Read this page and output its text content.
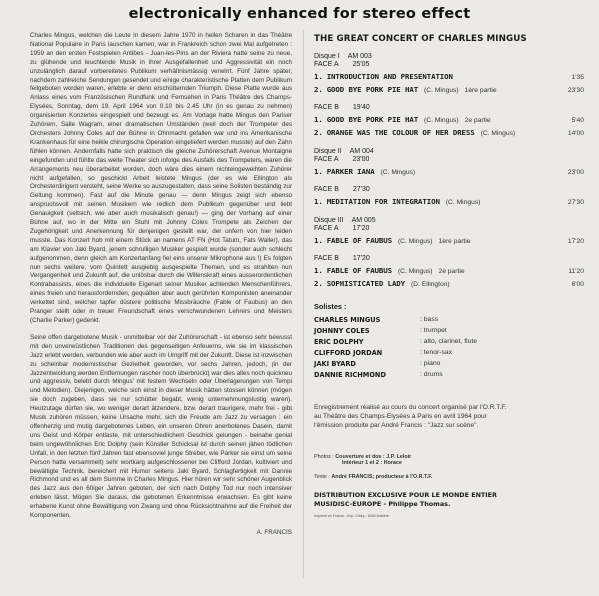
electronically enhanced for stereo effect

Charles Mingus, welchen die Leute in diesem Jahre 1970 in hellen Scharen in das Théâtre National Populaire in Paris lauschen kamen, war in Frankreich schon zwei Mal aufgetreten : 1959 an den ersten Festspielen Antibes - Juan-les-Pins an der Riviera hatte seine zu neue, zu glühende und leuchtende Musik in ihrer Ausgefallenheit und Aggressivität ein noch unzulänglich darauf vorbereitetes Publikum verhältnismässig verwirrt. Fünf Jahre später, nachdem zahlreiche Sendungen gesendet und einige charakteristische Platten dem Publikum feilgeboten worden waren, erlebte er denn erschütternden Triumph. Diese Platte wurde aus Anlass eines vom Französischen Rundfunk und Fernsehen in Paris Théâtre des Champs-Elysées, Sonntag, dem 19. April 1964 von 0.10 bis 2.45 Uhr (in es genau zu nehmen) organisierten Konzertes eingespielt und bezeugt es. Am Vortage hatte Mingus den Pariser Zuhörern, Salle Wagram, einer dramatischen Umständen (weil doch der Trompeter des Orchesters Johnny Coles auf der Bühne in Ohnmacht gefallen war und ins Amerikanische Krankenhaus für eine heikle chirurgische Operation eingeliefert werden musste) auf den Zahn fühlen können. Andernfalls hatte sich praktisch die gleiche Zuhörerschaft Avenue Montaigne eingefunden und fühlte das weite Theater sich infolge des Ausfalls des Trompeters, waren die Arrangements neu überarbeitet worden, doch wäre dies einem nichteingeweihten Zuhörer nicht aufgefallen, so geschickt Arbeit leistete Mingus (der es wie Ellington als Orchesterdirigent versteht, seine Werke so auszugestalten, dass seine Solisten beständig zur Geltung kommen). Fast auf die Minute genau — denn Mingus zeigt sich ebenso anspruchsvoll mit seinen Musikern wie redlich dem Publikum gegenüber und liebt Genauigkeit (seltsich, wie aber auch musikalisch genau!) — ging der Vorhang auf einer Bühne auf, wo in der Mitte ein Stuhl mit Johnny Coles Trompete als Zeichen der Zugehörigkeit und Anerkennung für denjenigen gestellt war, der unfern von hier leiden musste. Das Konzert hob mit einem Stück an namens AT FN (Hot Tatum, Fats Waller), das am Klavier von Jaki Byard, jenem schrulligen Musiker gespielt wurde (sonder auch schlecht aufgenommen, denn gleich am Konzertanfang fiel eins unserer Mikrophone aus !) Es folgten nun sechs weitere, vom Quintett ausgiebig ausgespielte Themen, und es strahlten nun Vergangenheit und Zukunft auf, die unlösbar durch die Willenskraft eines ausserordentlichen Kontrabassists, eines die individuelle Eigenart seiner Musiker achtenden Menschenführers, eines freien und herausfordernden, gequälten aber auch gerührten Komponisten aneinander verkettet sind, welcher tapfer düstere politische Missbräuche (Fable of Faubus) an den Pranger stellt oder in treuer Freundschaft eines verschwundenen Lehrers und Meisters (Charlie Parker) gedenkt.

Seine offen dargebotene Musik - unmittelbar vor der Zuhörerschaft - ist ebenso sehr bewusst mit den unverwüstlichen Traditionen des gegenseitigen Anfeuerns, wie sie im klassischen Jazz erlebt werden, verbunden wie aber auch im Umgriff mit der Zukunft. Diese ist inzwischen zu scheinbar modernistischer Gezietheit geworden, vor sechs Jahren, jedoch, (in der Jazzentwicklung werden Entfernungen rascher noch überbrückt) war dies alles noch quicknеu und aggressiv, belebt durch Mingus' mit festem Wechseln oder Überlagerungen von Tempi und Melodien). Diejenigen, welche sich einst in dieser Musik hätten stossen können (mögen sie doch zugeben, dass sie nur schütter begabt, wenig unternehmungslustig waren). Heutzutage dürfen sie, wo weniger derart ätzendere, bzw. derart traurigere, mehr frei - gibt Musik zuhören müssen, keine Ursache mehr, sich die Freude am Jazz zu versagen : ein offenherzig und mutig dargebotenes Leben, ein unseren Ohren anerbotenes Dasein, damit uns Geist und Körper entlaste, mit unterschiedlichem Geschick gelungen - beinahe genial beim ungewöhnlichen Eric Dolphy (sein Künstler Schicksal ist durch seinen jähen tödlichen Unfall, in den letzten fünf Jahren fast ebensoviel junge Streber, wie Parker sie einst um seine Person hatte versammelt) sehr wortkarg aufgeschlossener bei Clifford Jordan, kultiviert und bewältigte Technik, bereichert mit Humor seitens Jaki Byard, Schlagfertigkeit mit Dannie Richmond und es all dem Summe in Charles Mingus. Hier hören wir sehr schöner Augenblick des Jazz aus den 60iger Jahren geboten, der sich nach Dolphy Tod nur noch intensiver erleben lässt. Mögen Sie daraus, die gebotenen Erkenntnisse erwachsen. Es gibt keine erhabene Kunst ohne Bewältigung von Zwang und ohne Rücksichtnahme auf die Freiheit der Komponenten.

A. FRANCIS
THE GREAT CONCERT OF CHARLES MINGUS
Disque I AM 003
FACE A 25'05
1. INTRODUCTION AND PRESENTATION	1'35
2. GOOD BYE PORK PIE HAT (C. Mingus) 1ère partie	23'30
FACE B 19'40
1. GOOD BYE PORK PIE HAT (C. Mingus) 2e partie	5'40
2. ORANGE WAS THE COLOUR OF HER DRESS (C. Mingus)	14'00
Disque II AM 004
FACE A 23'00
1. PARKER IANA (C. Mingus)	23'00
FACE B 27'30
1. MEDITATION FOR INTEGRATION (C. Mingus)	27'30
Disque III AM 005
FACE A 17'20
1. FABLE OF FAUBUS (C. Mingus) 1ère partie	17'20
FACE B 17'20
1. FABLE OF FAUBUS (C. Mingus) 2e partie	11'20
2. SOPHISTICATED LADY (D. Ellington)	6'00
Solistes :
CHARLES MINGUS	: bass
JOHNNY COLES	: trumpet
ERIC DOLPHY	: alto, clarinet, flute
CLIFFORD JORDAN	: tenor-sax
JAKI BYARD	: piano
DANNIE RICHMOND	: drums
Enregistrement réalisé au cours du concert organisé par l'O.R.T.F. au Théâtre des Champs-Elysées à Paris en avril 1964 pour l'émission produite par André Francis : "Jazz sur scène".
Photos : Couverture et dos : J.P. Leloir
Intérieur 1 et 2 : Horace
Texte : André FRANCIS; producteur à l'O.R.T.F.
DISTRIBUTION EXCLUSIVE POUR LE MONDE ENTIER
MUSIDISC-EUROPE - Philippe Thomas.
Imprimé en France - Imp. Clairy - 5060 Aubière
